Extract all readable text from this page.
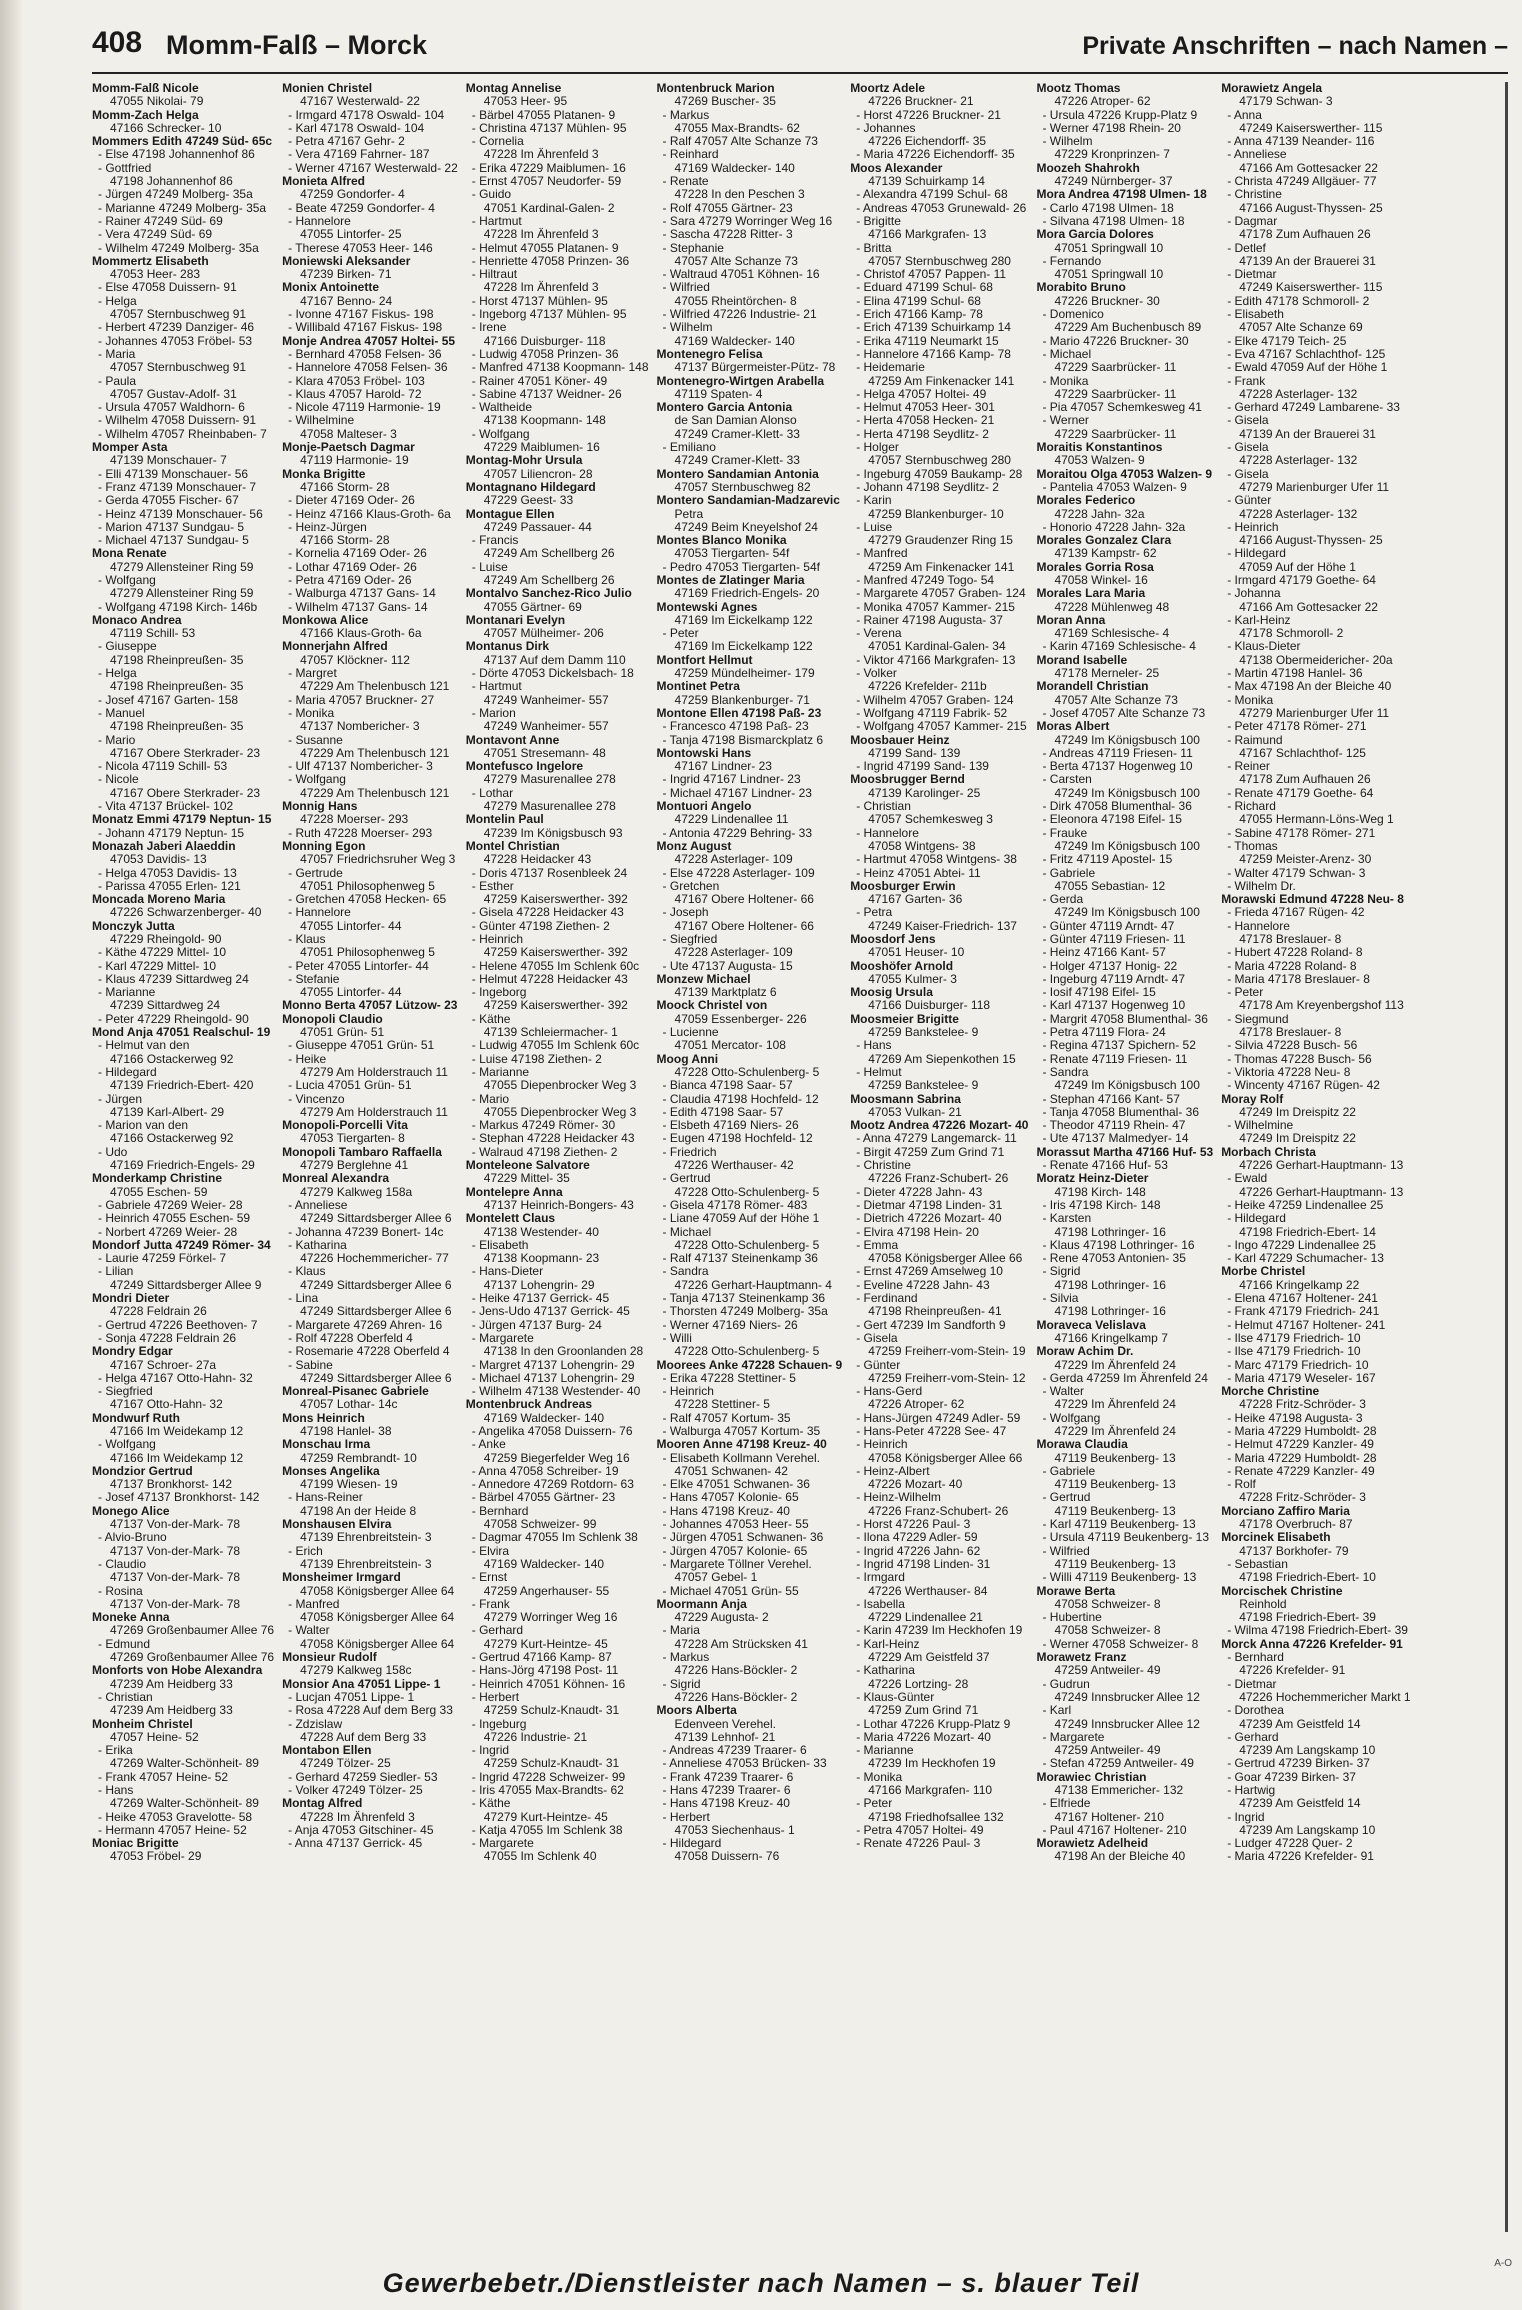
408 Momm-Falß – Morck	Private Anschriften – nach Namen –
Momm-Falß Nicole
47055 Nikolai- 79
Momm-Zach Helga
47166 Schrecker- 10
Mommers Edith 47249 Süd- 65c
- Else 47198 Johannenhof 86
- Gottfried
47198 Johannenhof 86
- Jürgen 47249 Molberg- 35a
- Marianne 47249 Molberg- 35a
- Rainer 47249 Süd- 69
- Vera 47249 Süd- 69
- Wilhelm 47249 Molberg- 35a
Mommertz Elisabeth
47053 Heer- 283
- Else 47058 Duissern- 91
- Helga
47057 Sternbuschweg 91
- Herbert 47239 Danziger- 46
- Johannes 47053 Fröbel- 53
- Maria
47057 Sternbuschweg 91
- Paula
47057 Gustav-Adolf- 31
- Ursula 47057 Waldhorn- 6
- Wilhelm 47058 Duissern- 91
- Wilhelm 47057 Rheinbaben- 7
Momper Asta
47139 Monschauer- 7
- Elli 47139 Monschauer- 56
- Franz 47139 Monschauer- 7
- Gerda 47055 Fischer- 67
- Heinz 47139 Monschauer- 56
- Marion 47137 Sundgau- 5
- Michael 47137 Sundgau- 5
Mona Renate
47279 Allensteiner Ring 59
- Wolfgang
47279 Allensteiner Ring 59
- Wolfgang 47198 Kirch- 146b
Monaco Andrea
47119 Schill- 53
- Giuseppe
47198 Rheinpreußen- 35
- Helga
47198 Rheinpreußen- 35
- Josef 47167 Garten- 158
- Manuel
47198 Rheinpreußen- 35
- Mario
47167 Obere Sterkrader- 23
- Nicola 47119 Schill- 53
- Nicole
47167 Obere Sterkrader- 23
- Vita 47137 Brückel- 102
Monatz Emmi 47179 Neptun- 15
- Johann 47179 Neptun- 15
Monazah Jaberi Alaeddin
47053 Davidis- 13
- Helga 47053 Davidis- 13
- Parissa 47055 Erlen- 121
Moncada Moreno Maria
47226 Schwarzenberger- 40
Monczyk Jutta
47229 Rheingold- 90
- Käthe 47229 Mittel- 10
- Karl 47229 Mittel- 10
- Klaus 47239 Sittardweg 24
- Marianne
47239 Sittardweg 24
- Peter 47229 Rheingold- 90
Mond Anja 47051 Realschul- 19
- Helmut van den
47166 Ostackerweg 92
- Hildegard
47139 Friedrich-Ebert- 420
- Jürgen
47139 Karl-Albert- 29
- Marion van den
47166 Ostackerweg 92
- Udo
47169 Friedrich-Engels- 29
Monderkamp Christine
47055 Eschen- 59
- Gabriele 47269 Weier- 28
- Heinrich 47055 Eschen- 59
- Norbert 47269 Weier- 28
Mondorf Jutta 47249 Römer- 34
- Laurie 47259 Förkel- 7
- Lilian
47249 Sittardsberger Allee 9
Mondri Dieter
47228 Feldrain 26
- Gertrud 47226 Beethoven- 7
- Sonja 47228 Feldrain 26
Mondry Edgar
47167 Schroer- 27a
- Helga 47167 Otto-Hahn- 32
- Siegfried
47167 Otto-Hahn- 32
Mondwurf Ruth
47166 Im Weidekamp 12
- Wolfgang
47166 Im Weidekamp 12
Mondzior Gertrud
47137 Bronkhorst- 142
- Josef 47137 Bronkhorst- 142
Monego Alice
47137 Von-der-Mark- 78
- Alvio-Bruno
47137 Von-der-Mark- 78
- Claudio
47137 Von-der-Mark- 78
- Rosina
47137 Von-der-Mark- 78
Moneke Anna
47269 Großenbaumer Allee 76
- Edmund
47269 Großenbaumer Allee 76
Monforts von Hobe Alexandra
47239 Am Heidberg 33
- Christian
47239 Am Heidberg 33
Monheim Christel
47057 Heine- 52
- Erika
47269 Walter-Schönheit- 89
- Frank 47057 Heine- 52
- Hans
47269 Walter-Schönheit- 89
- Heike 47053 Gravelotte- 58
- Hermann 47057 Heine- 52
Moniac Brigitte
47053 Fröbel- 29
Monien Christel
47167 Westerwald- 22
- Irmgard 47178 Oswald- 104
- Karl 47178 Oswald- 104
- Petra 47167 Gehr- 2
- Vera 47169 Fahrner- 187
- Werner 47167 Westerwald- 22
Monieta Alfred
47259 Gondorfer- 4
- Beate 47259 Gondorfer- 4
- Hannelore
47055 Lintorfer- 25
- Therese 47053 Heer- 146
Moniewski Aleksander
47239 Birken- 71
Monix Antoinette
47167 Benno- 24
- Ivonne 47167 Fiskus- 198
- Willibald 47167 Fiskus- 198
Monje Andrea 47057 Holtei- 55
- Bernhard 47058 Felsen- 36
- Hannelore 47058 Felsen- 36
- Klara 47053 Fröbel- 103
- Klaus 47057 Harold- 72
- Nicole 47119 Harmonie- 19
- Wilhelmine
47058 Malteser- 3
Monje-Paetsch Dagmar
47119 Harmonie- 19
Monka Brigitte
47166 Storm- 28
- Dieter 47169 Oder- 26
- Heinz 47166 Klaus-Groth- 6a
- Heinz-Jürgen
47166 Storm- 28
- Kornelia 47169 Oder- 26
- Lothar 47169 Oder- 26
- Petra 47169 Oder- 26
- Walburga 47137 Gans- 14
- Wilhelm 47137 Gans- 14
Monkowa Alice
47166 Klaus-Groth- 6a
Monnerjahn Alfred
47057 Klöckner- 112
- Margret
47229 Am Thelenbusch 121
- Maria 47057 Bruckner- 27
- Monika
47137 Nombericher- 3
- Susanne
47229 Am Thelenbusch 121
- Ulf 47137 Nombericher- 3
- Wolfgang
47229 Am Thelenbusch 121
Monnig Hans
47228 Moerser- 293
- Ruth 47228 Moerser- 293
Monning Egon
47057 Friedrichsruher Weg 3
- Gertrude
47051 Philosophenweg 5
- Gretchen 47058 Hecken- 65
- Hannelore
47055 Lintorfer- 44
- Klaus
47051 Philosophenweg 5
- Peter 47055 Lintorfer- 44
- Stefanie
47055 Lintorfer- 44
Monno Berta 47057 Lützow- 23
Monopoli Claudio
47051 Grün- 51
- Giuseppe 47051 Grün- 51
- Heike
47279 Am Holderstrauch 11
- Lucia 47051 Grün- 51
- Vincenzo
47279 Am Holderstrauch 11
Monopoli-Porcelli Vita
47053 Tiergarten- 8
Monopoli Tambaro Raffaella
47279 Berglehne 41
Monreal Alexandra
47279 Kalkweg 158a
- Anneliese
47249 Sittardsberger Allee 6
- Johanna 47239 Bonert- 14c
- Katharina
47226 Hochemmericher- 77
- Klaus
47249 Sittardsberger Allee 6
- Lina
47249 Sittardsberger Allee 6
- Margarete 47269 Ahren- 16
- Rolf 47228 Oberfeld 4
- Rosemarie 47228 Oberfeld 4
- Sabine
47249 Sittardsberger Allee 6
Monreal-Pisanec Gabriele
47057 Lothar- 14c
Mons Heinrich
47198 Hanlel- 38
Monschau Irma
47259 Rembrandt- 10
Monses Angelika
47199 Wiesen- 19
- Hans-Reiner
47198 An der Heide 8
Monshausen Elvira
47139 Ehrenbreitstein- 3
- Erich
47139 Ehrenbreitstein- 3
Monsheimer Irmgard
47058 Königsberger Allee 64
- Manfred
47058 Königsberger Allee 64
- Walter
47058 Königsberger Allee 64
Monsieur Rudolf
47279 Kalkweg 158c
Monsior Ana 47051 Lippe- 1
- Lucjan 47051 Lippe- 1
- Rosa 47228 Auf dem Berg 33
- Zdzislaw
47228 Auf dem Berg 33
Montabon Ellen
47249 Tölzer- 25
- Gerhard 47259 Siedler- 53
- Volker 47249 Tölzer- 25
Montag Alfred
47228 Im Ährenfeld 3
- Anja 47053 Gitschiner- 45
- Anna 47137 Gerrick- 45
Montag Annelise
47053 Heer- 95
- Bärbel 47055 Platanen- 9
- Christina 47137 Mühlen- 95
- Cornelia
47228 Im Ährenfeld 3
- Erika 47229 Maiblumen- 16
- Ernst 47057 Neudorfer- 59
- Guido
47051 Kardinal-Galen- 2
- Hartmut
47228 Im Ährenfeld 3
- Helmut 47055 Platanen- 9
- Henriette 47058 Prinzen- 36
- Hiltraut
47228 Im Ährenfeld 3
- Horst 47137 Mühlen- 95
- Ingeborg 47137 Mühlen- 95
- Irene
47166 Duisburger- 118
- Ludwig 47058 Prinzen- 36
- Manfred 47138 Koopmann- 148
- Rainer 47051 Köner- 49
- Sabine 47137 Weidner- 26
- Waltheide
47138 Koopmann- 148
- Wolfgang
47229 Maiblumen- 16
Montag-Mohr Ursula
47057 Liliencron- 28
Montagnano Hildegard
47229 Geest- 33
Montague Ellen
47249 Passauer- 44
- Francis
47249 Am Schellberg 26
- Luise
47249 Am Schellberg 26
Montalvo Sanchez-Rico Julio
47055 Gärtner- 69
Montanari Evelyn
47057 Mülheimer- 206
Montanus Dirk
47137 Auf dem Damm 110
- Dörte 47053 Dickelsbach- 18
- Hartmut
47249 Wanheimer- 557
- Marion
47249 Wanheimer- 557
Montavont Anne
47051 Stresemann- 48
Montefusco Ingelore
47279 Masurenallee 278
- Lothar
47279 Masurenallee 278
Montelin Paul
47239 Im Königsbusch 93
Montel Christian
47228 Heidacker 43
- Doris 47137 Rosenbleek 24
- Esther
47259 Kaiserswerther- 392
- Gisela 47228 Heidacker 43
- Günter 47198 Ziethen- 2
- Heinrich
47259 Kaiserswerther- 392
- Helene 47055 Im Schlenk 60c
- Helmut 47228 Heidacker 43
- Ingeborg
47259 Kaiserswerther- 392
- Käthe
47139 Schleiermacher- 1
- Ludwig 47055 Im Schlenk 60c
- Luise 47198 Ziethen- 2
- Marianne
47055 Diepenbrocker Weg 3
- Mario
47055 Diepenbrocker Weg 3
- Markus 47249 Römer- 30
- Stephan 47228 Heidacker 43
- Walraud 47198 Ziethen- 2
Monteleone Salvatore
47229 Mittel- 35
Montelepre Anna
47137 Heinrich-Bongers- 43
Montelett Claus
47138 Westender- 40
- Elisabeth
47138 Koopmann- 23
- Hans-Dieter
47137 Lohengrin- 29
- Heike 47137 Gerrick- 45
- Jens-Udo 47137 Gerrick- 45
- Jürgen 47137 Burg- 24
- Margarete
47138 In den Groonlanden 28
- Margret 47137 Lohengrin- 29
- Michael 47137 Lohengrin- 29
- Wilhelm 47138 Westender- 40
Montenbruck Andreas
47169 Waldecker- 140
- Angelika 47058 Duissern- 76
- Anke
47259 Biegerfelder Weg 16
- Anna 47058 Schreiber- 19
- Annedore 47269 Rotdorn- 63
- Bärbel 47055 Gärtner- 23
- Bernhard
47058 Schweizer- 99
- Dagmar 47055 Im Schlenk 38
- Elvira
47169 Waldecker- 140
- Ernst
47259 Angerhauser- 55
- Frank
47279 Worringer Weg 16
- Gerhard
47279 Kurt-Heintze- 45
- Gertrud 47166 Kamp- 87
- Hans-Jörg 47198 Post- 11
- Heinrich 47051 Köhnen- 16
- Herbert
47259 Schulz-Knaudt- 31
- Ingeburg
47226 Industrie- 21
- Ingrid
47259 Schulz-Knaudt- 31
- Ingrid 47228 Schweizer- 99
- Iris 47055 Max-Brandts- 62
- Käthe
47279 Kurt-Heintze- 45
- Katja 47055 Im Schlenk 38
- Margarete
47055 Im Schlenk 40
Montenbruck Marion
47269 Buscher- 35
- Markus
47055 Max-Brandts- 62
- Ralf 47057 Alte Schanze 73
- Reinhard
47169 Waldecker- 140
- Renate
47228 In den Peschen 3
- Rolf 47055 Gärtner- 23
- Sara 47279 Worringer Weg 16
- Sascha 47228 Ritter- 3
- Stephanie
47057 Alte Schanze 73
- Waltraud 47051 Köhnen- 16
- Wilfried
47055 Rheintörchen- 8
- Wilfried 47226 Industrie- 21
- Wilhelm
47169 Waldecker- 140
Montenegro Felisa
47137 Bürgermeister-Pütz- 78
Montenegro-Wirtgen Arabella
47119 Spaten- 4
Montero Garcia Antonia
de San Damian Alonso
47249 Cramer-Klett- 33
- Emiliano
47249 Cramer-Klett- 33
Montero Sandamian Antonia
47057 Sternbuschweg 82
Montero Sandamian-Madzarevic
Petra
47249 Beim Kneyelshof 24
Montes Blanco Monika
47053 Tiergarten- 54f
- Pedro 47053 Tiergarten- 54f
Montes de Zlatinger Maria
47169 Friedrich-Engels- 20
Montewski Agnes
47169 Im Eickelkamp 122
- Peter
47169 Im Eickelkamp 122
Montfort Hellmut
47259 Mündelheimer- 179
Montinet Petra
47259 Blankenburger- 71
Montone Ellen 47198 Paß- 23
- Francesco 47198 Paß- 23
- Tanja 47198 Bismarckplatz 6
Montowski Hans
47167 Lindner- 23
- Ingrid 47167 Lindner- 23
- Michael 47167 Lindner- 23
Montuori Angelo
47229 Lindenallee 11
- Antonia 47229 Behring- 33
Monz August
47228 Asterlager- 109
- Else 47228 Asterlager- 109
- Gretchen
47167 Obere Holtener- 66
- Joseph
47167 Obere Holtener- 66
- Siegfried
47228 Asterlager- 109
- Ute 47137 Augusta- 15
Monzew Michael
47139 Marktplatz 6
Moock Christel von
47059 Essenberger- 226
- Lucienne
47051 Mercator- 108
Moog Anni
47228 Otto-Schulenberg- 5
- Bianca 47198 Saar- 57
- Claudia 47198 Hochfeld- 12
- Edith 47198 Saar- 57
- Elsbeth 47169 Niers- 26
- Eugen 47198 Hochfeld- 12
- Friedrich
47226 Werthauser- 42
- Gertrud
47228 Otto-Schulenberg- 5
- Gisela 47178 Römer- 483
- Liane 47059 Auf der Höhe 1
- Michael
47228 Otto-Schulenberg- 5
- Ralf 47137 Steinenkamp 36
- Sandra
47226 Gerhart-Hauptmann- 4
- Tanja 47137 Steinenkamp 36
- Thorsten 47249 Molberg- 35a
- Werner 47169 Niers- 26
- Willi
47228 Otto-Schulenberg- 5
Moorees Anke 47228 Schauen- 9
- Erika 47228 Stettiner- 5
- Heinrich
47228 Stettiner- 5
- Ralf 47057 Kortum- 35
- Walburga 47057 Kortum- 35
Mooren Anne 47198 Kreuz- 40
- Elisabeth Kollmann Verehel.
47051 Schwanen- 42
- Elke 47051 Schwanen- 36
- Hans 47057 Kolonie- 65
- Hans 47198 Kreuz- 40
- Johannes 47053 Heer- 55
- Jürgen 47051 Schwanen- 36
- Jürgen 47057 Kolonie- 65
- Margarete Töllner Verehel.
47057 Gebel- 1
- Michael 47051 Grün- 55
Moormann Anja
47229 Augusta- 2
- Maria
47228 Am Strücksken 41
- Markus
47226 Hans-Böckler- 2
- Sigrid
47226 Hans-Böckler- 2
Moors Alberta
Edenveen Verehel.
47139 Lehnhof- 21
- Andreas 47239 Traarer- 6
- Anneliese 47053 Brücken- 33
- Frank 47239 Traarer- 6
- Hans 47239 Traarer- 6
- Hans 47198 Kreuz- 40
- Herbert
47053 Siechenhaus- 1
- Hildegard
47058 Duissern- 76
Moortz Adele
47226 Bruckner- 21
- Horst 47226 Bruckner- 21
- Johannes
47226 Eichendorff- 35
- Maria 47226 Eichendorff- 35
Moos Alexander
47139 Schuirkamp 14
- Alexandra 47199 Schul- 68
- Andreas 47053 Grunewald- 26
- Brigitte
47166 Markgrafen- 13
- Britta
47057 Sternbuschweg 280
- Christof 47057 Pappen- 11
- Eduard 47199 Schul- 68
- Elina 47199 Schul- 68
- Erich 47166 Kamp- 78
- Erich 47139 Schuirkamp 14
- Erika 47119 Neumarkt 15
- Hannelore 47166 Kamp- 78
- Heidemarie
47259 Am Finkenacker 141
- Helga 47057 Holtei- 49
- Helmut 47053 Heer- 301
- Herta 47058 Hecken- 21
- Herta 47198 Seydlitz- 2
- Holger
47057 Sternbuschweg 280
- Ingeburg 47059 Baukamp- 28
- Johann 47198 Seydlitz- 2
- Karin
47259 Blankenburger- 10
- Luise
47279 Graudenzer Ring 15
- Manfred
47259 Am Finkenacker 141
- Manfred 47249 Togo- 54
- Margarete 47057 Graben- 124
- Monika 47057 Kammer- 215
- Rainer 47198 Augusta- 37
- Verena
47051 Kardinal-Galen- 34
- Viktor 47166 Markgrafen- 13
- Volker
47226 Krefelder- 211b
- Wilhelm 47057 Graben- 124
- Wolfgang 47119 Fabrik- 52
- Wolfgang 47057 Kammer- 215
Moosbauer Heinz
47199 Sand- 139
- Ingrid 47199 Sand- 139
Moosbrugger Bernd
47139 Karolinger- 25
- Christian
47057 Schemkesweg 3
- Hannelore
47058 Wintgens- 38
- Hartmut 47058 Wintgens- 38
- Heinz 47051 Abtei- 11
Moosburger Erwin
47167 Garten- 36
- Petra
47249 Kaiser-Friedrich- 137
Moosdorf Jens
47051 Heuser- 10
Mooshöfer Arnold
47055 Kulmer- 3
Moosig Ursula
47166 Duisburger- 118
Moosmeier Brigitte
47259 Bankstelee- 9
- Hans
47269 Am Siepenkothen 15
- Helmut
47259 Bankstelee- 9
Moosmann Sabrina
47053 Vulkan- 21
Mootz Andrea 47226 Mozart- 40
- Anna 47279 Langemarck- 11
- Birgit 47259 Zum Grind 71
- Christine
47226 Franz-Schubert- 26
- Dieter 47228 Jahn- 43
- Dietmar 47198 Linden- 31
- Dietrich 47226 Mozart- 40
- Elvira 47198 Hein- 20
- Emma
47058 Königsberger Allee 66
- Ernst 47269 Amselweg 10
- Eveline 47228 Jahn- 43
- Ferdinand
47198 Rheinpreußen- 41
- Gert 47239 Im Sandforth 9
- Gisela
47259 Freiherr-vom-Stein- 19
- Günter
47259 Freiherr-vom-Stein- 12
- Hans-Gerd
47226 Atroper- 62
- Hans-Jürgen 47249 Adler- 59
- Hans-Peter 47228 See- 47
- Heinrich
47058 Königsberger Allee 66
- Heinz-Albert
47226 Mozart- 40
- Heinz-Wilhelm
47226 Franz-Schubert- 26
- Horst 47226 Paul- 3
- Ilona 47229 Adler- 59
- Ingrid 47226 Jahn- 62
- Ingrid 47198 Linden- 31
- Irmgard
47226 Werthauser- 84
- Isabella
47229 Lindenallee 21
- Karin 47239 Im Heckhofen 19
- Karl-Heinz
47229 Am Geistfeld 37
- Katharina
47226 Lortzing- 28
- Klaus-Günter
47259 Zum Grind 71
- Lothar 47226 Krupp-Platz 9
- Maria 47226 Mozart- 40
- Marianne
47239 Im Heckhofen 19
- Monika
47166 Markgrafen- 110
- Peter
47198 Friedhofsallee 132
- Petra 47057 Holtei- 49
- Renate 47226 Paul- 3
Mootz Thomas
47226 Atroper- 62
- Ursula 47226 Krupp-Platz 9
- Werner 47198 Rhein- 20
- Wilhelm
47229 Kronprinzen- 7
Moozeh Shahrokh
47249 Nürnberger- 37
Mora Andrea 47198 Ulmen- 18
- Carlo 47198 Ulmen- 18
- Silvana 47198 Ulmen- 18
Mora Garcia Dolores
47051 Springwall 10
- Fernando
47051 Springwall 10
Morabito Bruno
47226 Bruckner- 30
- Domenico
47229 Am Buchenbusch 89
- Mario 47226 Bruckner- 30
- Michael
47229 Saarbrücker- 11
- Monika
47229 Saarbrücker- 11
- Pia 47057 Schemkesweg 41
- Werner
47229 Saarbrücker- 11
Moraitis Konstantinos
47053 Walzen- 9
Moraitou Olga 47053 Walzen- 9
- Pantelia 47053 Walzen- 9
Morales Federico
47228 Jahn- 32a
- Honorio 47228 Jahn- 32a
Morales Gonzalez Clara
47139 Kampstr- 62
Morales Gorria Rosa
47058 Winkel- 16
Morales Lara Maria
47228 Mühlenweg 48
Moran Anna
47169 Schlesische- 4
- Karin 47169 Schlesische- 4
Morand Isabelle
47178 Merneler- 25
Morandell Christian
47057 Alte Schanze 73
- Josef 47057 Alte Schanze 73
Moras Albert
47249 Im Königsbusch 100
- Andreas 47119 Friesen- 11
- Berta 47137 Hogenweg 10
- Carsten
47249 Im Königsbusch 100
- Dirk 47058 Blumenthal- 36
- Eleonora 47198 Eifel- 15
- Frauke
47249 Im Königsbusch 100
- Fritz 47119 Apostel- 15
- Gabriele
47055 Sebastian- 12
- Gerda
47249 Im Königsbusch 100
- Günter 47119 Arndt- 47
- Günter 47119 Friesen- 11
- Heinz 47166 Kant- 57
- Holger 47137 Honig- 22
- Ingeburg 47119 Arndt- 47
- Iosif 47198 Eifel- 15
- Karl 47137 Hogenweg 10
- Margrit 47058 Blumenthal- 36
- Petra 47119 Flora- 24
- Regina 47137 Spichern- 52
- Renate 47119 Friesen- 11
- Sandra
47249 Im Königsbusch 100
- Stephan 47166 Kant- 57
- Tanja 47058 Blumenthal- 36
- Theodor 47119 Rhein- 47
- Ute 47137 Malmedyer- 14
Morassut Martha 47166 Huf- 53
- Renate 47166 Huf- 53
Moratz Heinz-Dieter
47198 Kirch- 148
- Iris 47198 Kirch- 148
- Karsten
47198 Lothringer- 16
- Klaus 47198 Lothringer- 16
- Rene 47053 Antonien- 35
- Sigrid
47198 Lothringer- 16
- Silvia
47198 Lothringer- 16
Moraveca Velislava
47166 Kringelkamp 7
Moraw Achim Dr.
47229 Im Ährenfeld 24
- Gerda 47259 Im Ährenfeld 24
- Walter
47229 Im Ährenfeld 24
- Wolfgang
47229 Im Ährenfeld 24
Morawa Claudia
47119 Beukenberg- 13
- Gabriele
47119 Beukenberg- 13
- Gertrud
47119 Beukenberg- 13
- Karl 47119 Beukenberg- 13
- Ursula 47119 Beukenberg- 13
- Wilfried
47119 Beukenberg- 13
- Willi 47119 Beukenberg- 13
Morawe Berta
47058 Schweizer- 8
- Hubertine
47058 Schweizer- 8
- Werner 47058 Schweizer- 8
Morawetz Franz
47259 Antweiler- 49
- Gudrun
47249 Innsbrucker Allee 12
- Karl
47249 Innsbrucker Allee 12
- Margarete
47259 Antweiler- 49
- Stefan 47259 Antweiler- 49
Morawiec Christian
47138 Emmericher- 132
- Elfriede
47167 Holtener- 210
- Paul 47167 Holtener- 210
Morawietz Adelheid
47198 An der Bleiche 40
Morawietz Angela
47179 Schwan- 3
- Anna
47249 Kaiserswerther- 115
- Anna 47139 Neander- 116
- Anneliese
47166 Am Gottesacker 22
- Christa 47249 Allgäuer- 77
- Christine
47166 August-Thyssen- 25
- Dagmar
47178 Zum Aufhauen 26
- Detlef
47139 An der Brauerei 31
- Dietmar
47249 Kaiserswerther- 115
- Edith 47178 Schmoroll- 2
- Elisabeth
47057 Alte Schanze 69
- Elke 47179 Teich- 25
- Eva 47167 Schlachthof- 125
- Ewald 47059 Auf der Höhe 1
- Frank
47228 Asterlager- 132
- Gerhard 47249 Lambarene- 33
- Gisela
47139 An der Brauerei 31
- Gisela
47228 Asterlager- 132
- Gisela
47279 Marienburger Ufer 11
- Günter
47228 Asterlager- 132
- Heinrich
47166 August-Thyssen- 25
- Hildegard
47059 Auf der Höhe 1
- Irmgard 47179 Goethe- 64
- Johanna
47166 Am Gottesacker 22
- Karl-Heinz
47178 Schmoroll- 2
- Klaus-Dieter
47138 Obermeidericher- 20a
- Martin 47198 Hanlel- 36
- Max 47198 An der Bleiche 40
- Monika
47279 Marienburger Ufer 11
- Peter 47178 Römer- 271
- Raimund
47167 Schlachthof- 125
- Reiner
47178 Zum Aufhauen 26
- Renate 47179 Goethe- 64
- Richard
47055 Hermann-Löns-Weg 1
- Sabine 47178 Römer- 271
- Thomas
47259 Meister-Arenz- 30
- Walter 47179 Schwan- 3
- Wilhelm Dr.
Morawski Edmund 47228 Neu- 8
- Frieda 47167 Rügen- 42
- Hannelore
47178 Breslauer- 8
- Hubert 47228 Roland- 8
- Maria 47228 Roland- 8
- Maria 47178 Breslauer- 8
- Peter
47178 Am Kreyenbergshof 113
- Siegmund
47178 Breslauer- 8
- Silvia 47228 Busch- 56
- Thomas 47228 Busch- 56
- Viktoria 47228 Neu- 8
- Wincenty 47167 Rügen- 42
Moray Rolf
47249 Im Dreispitz 22
- Wilhelmine
47249 Im Dreispitz 22
Morbach Christa
47226 Gerhart-Hauptmann- 13
- Ewald
47226 Gerhart-Hauptmann- 13
- Heike 47259 Lindenallee 25
- Hildegard
47198 Friedrich-Ebert- 14
- Ingo 47229 Lindenallee 25
- Karl 47229 Schumacher- 13
Morbe Christel
47166 Kringelkamp 22
- Elena 47167 Holtener- 241
- Frank 47179 Friedrich- 241
- Helmut 47167 Holtener- 241
- Ilse 47179 Friedrich- 10
- Ilse 47179 Friedrich- 10
- Marc 47179 Friedrich- 10
- Maria 47179 Weseler- 167
Morche Christine
47228 Fritz-Schröder- 3
- Heike 47198 Augusta- 3
- Maria 47229 Humboldt- 28
- Helmut 47229 Kanzler- 49
- Maria 47229 Humboldt- 28
- Renate 47229 Kanzler- 49
- Rolf
47228 Fritz-Schröder- 3
Morciano Zaffiro Maria
47178 Overbruch- 87
Morcinek Elisabeth
47137 Borkhofer- 79
- Sebastian
47198 Friedrich-Ebert- 10
Morcischek Christine
Reinhold
47198 Friedrich-Ebert- 39
- Wilma 47198 Friedrich-Ebert- 39
Morck Anna 47226 Krefelder- 91
- Bernhard
47226 Krefelder- 91
- Dietmar
47226 Hochemmericher Markt 1
- Dorothea
47239 Am Geistfeld 14
- Gerhard
47239 Am Langskamp 10
- Gertrud 47239 Birken- 37
- Goar 47239 Birken- 37
- Hartwig
47239 Am Geistfeld 14
- Ingrid
47239 Am Langskamp 10
- Ludger 47228 Quer- 2
- Maria 47226 Krefelder- 91
Gewerbebetr./Dienstleister nach Namen – s. blauer Teil
A-O
